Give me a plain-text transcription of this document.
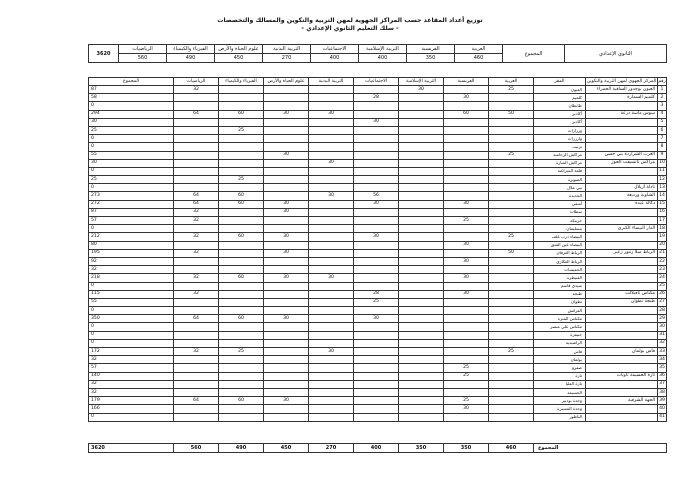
توزيع أعداد المقاعد حسب المراكز الجهوية لمهن التربية والتكوين والمسالك والتخصصات
- سلك التعليم الثانوي الإعدادي -
الثانوي الإعدادي	المجموع	العربية	الفرنسية	التربية الإسلامية	الاجتماعيات	التربية البدنية	علوم الحياة والأرض	الفيزياء والكيمياء	الرياضيات	3620
		460	350	400	400	270	450	490	560	
رقم	المركز الجهوي لمهن التربية والتكوين	المقر	العربية	الفرنسية	التربية الإسلامية	الاجتماعيات	التربية البدنية	علوم الحياة والأرض	الفيزياء والكيمياء	الرياضيات	المجموع
1	العيون بوجدور الساقية الحمراء	العيون	25		30					32	87
2	كلميم السمارة	كلميم		30		28					58
3		طانطان									0
4	سوس ماسة درعة	أكادير	50	60			30	30	60	64	294
5		أكادير				30					30
6		ورزازات							25		25
7		وارززات									0
8		تزنيت									0
9	الغرب الشراردة بني حسن	مراكش الرحامنة	25					30			55
10	مراكش تانسيفت الحوز	مراكش المنارة					30				30
11		قلعة السراغنة									0
12		الصويرة							25		25
13	تادلة أزيلال	بني ملال									0
14	الشاوية ورديغة	الجديدة				56	30		60	64	273
15	دكالة عبدة	آسفي		30		30		30	60	64	272
16		سطات						30		32	87
17		خريبكة		25						32	57
18	الدار البيضاء الكبرى	بنسليمان									0
19		البيضاء درب غلف	25			30		30	60	32	212
20		البيضاء عين الشق		30							80
21	الرباط سلا زمور زعير	الرباط العرفان	50					30		32	195
22		الرباط العكاري		30							92
23		الخميسات									32
24		القنيطرة		30			30	30	60	32	218
25		سيدي قاسم									0
26	مكناس تافيلالت	طنجة		30		28				32	115
27	طنجة تطوان	تطوان				25					55
28		العرائش									0
29		مكناس المنزه				30		30	60	64	350
30		مكناس علي منصر									0
31		خنيفرة									0
32		الراشيدية									0
33	فاس بولمان	فاس	25				30		25	32	172
34		بولمان									32
35		صفرو		25							57
36	تازة الحسيمة تاونات	تازة		25							140
37		تازة العليا									32
38		الحسيمة									32
39	الجهة الشرقية	وجدة بوديير		25				30	60	64	179
40		وجدة المسيرة		30							166
41		الناظور									0
المجموع	460	350	350	400	270	450	490	560	3620
